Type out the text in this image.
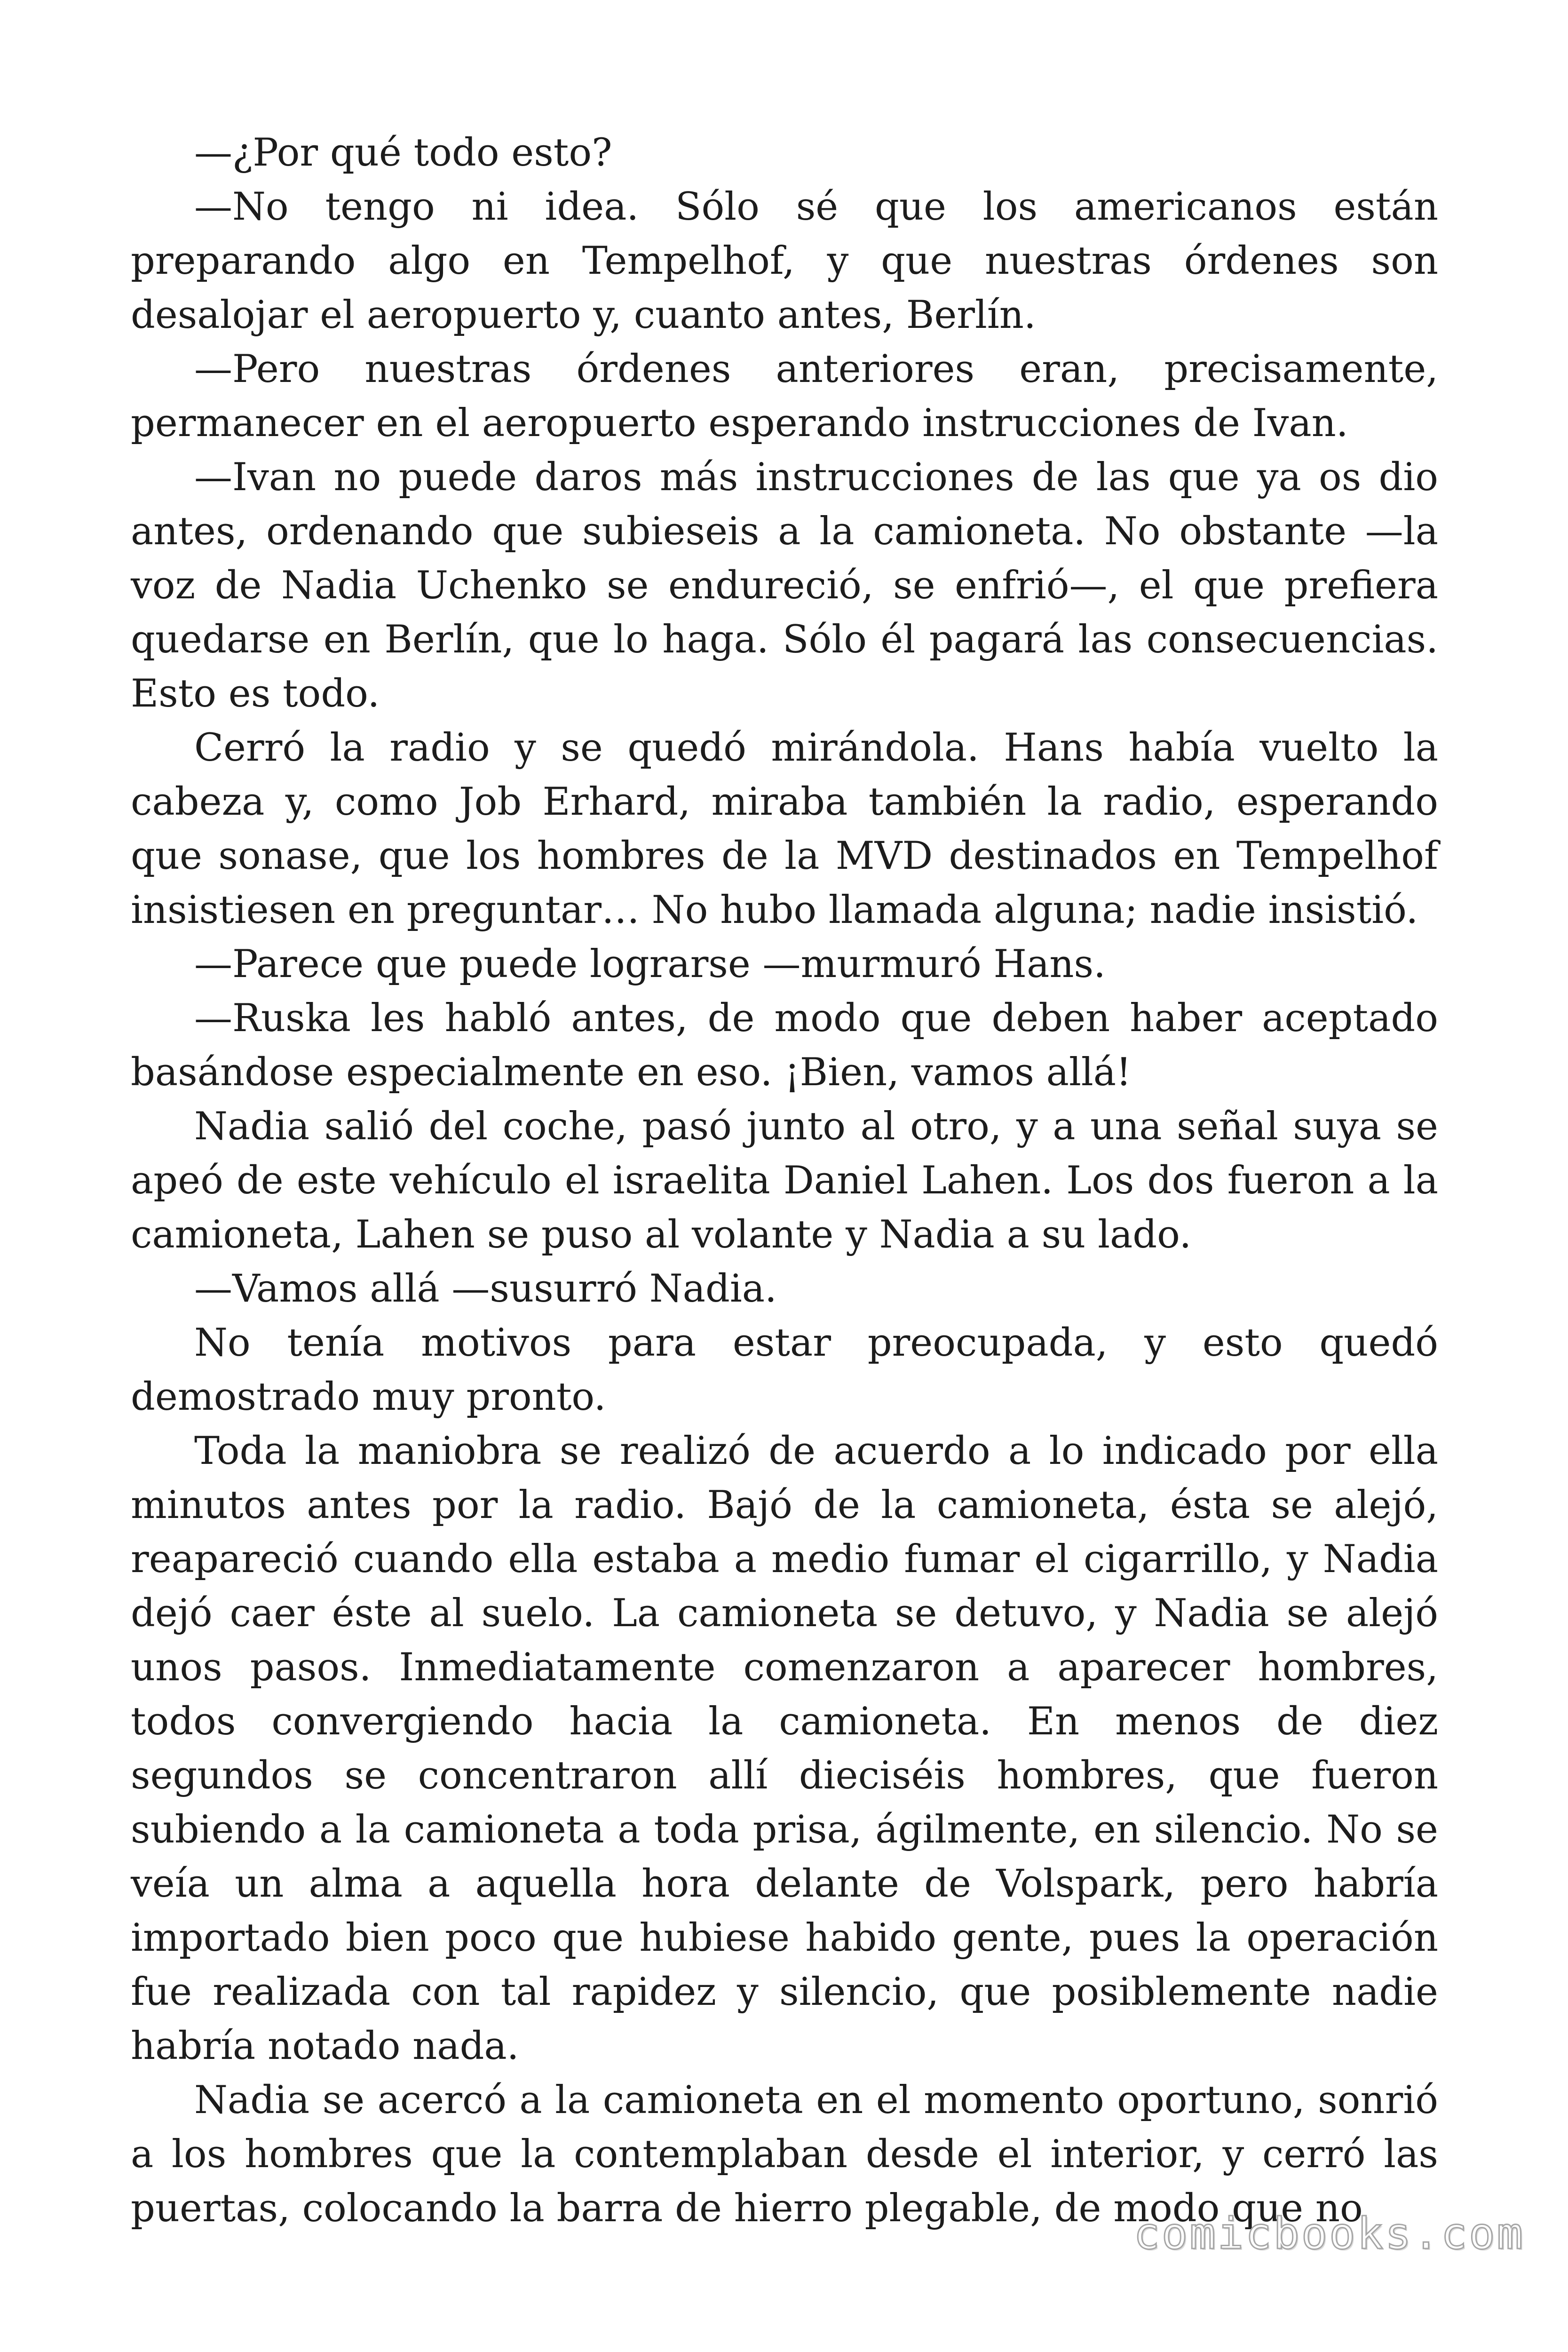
—¿Por qué todo esto?

—No tengo ni idea. Sólo sé que los americanos están preparando algo en Tempelhof, y que nuestras órdenes son desalojar el aeropuerto y, cuanto antes, Berlín.

—Pero nuestras órdenes anteriores eran, precisamente, permanecer en el aeropuerto esperando instrucciones de Ivan.

—Ivan no puede daros más instrucciones de las que ya os dio antes, ordenando que subieseis a la camioneta. No obstante —la voz de Nadia Uchenko se endureció, se enfrió—, el que prefiera quedarse en Berlín, que lo haga. Sólo él pagará las consecuencias. Esto es todo.

Cerró la radio y se quedó mirándola. Hans había vuelto la cabeza y, como Job Erhard, miraba también la radio, esperando que sonase, que los hombres de la MVD destinados en Tempelhof insistiesen en preguntar… No hubo llamada alguna; nadie insistió.

—Parece que puede lograrse —murmuró Hans.

—Ruska les habló antes, de modo que deben haber aceptado basándose especialmente en eso. ¡Bien, vamos allá!

Nadia salió del coche, pasó junto al otro, y a una señal suya se apeó de este vehículo el israelita Daniel Lahen. Los dos fueron a la camioneta, Lahen se puso al volante y Nadia a su lado.

—Vamos allá —susurró Nadia.

No tenía motivos para estar preocupada, y esto quedó demostrado muy pronto.

Toda la maniobra se realizó de acuerdo a lo indicado por ella minutos antes por la radio. Bajó de la camioneta, ésta se alejó, reapareció cuando ella estaba a medio fumar el cigarrillo, y Nadia dejó caer éste al suelo. La camioneta se detuvo, y Nadia se alejó unos pasos. Inmediatamente comenzaron a aparecer hombres, todos convergiendo hacia la camioneta. En menos de diez segundos se concentraron allí dieciséis hombres, que fueron subiendo a la camioneta a toda prisa, ágilmente, en silencio. No se veía un alma a aquella hora delante de Volspark, pero habría importado bien poco que hubiese habido gente, pues la operación fue realizada con tal rapidez y silencio, que posiblemente nadie habría notado nada.

Nadia se acercó a la camioneta en el momento oportuno, sonrió a los hombres que la contemplaban desde el interior, y cerró las puertas, colocando la barra de hierro plegable, de modo que no

comicbooks.com
